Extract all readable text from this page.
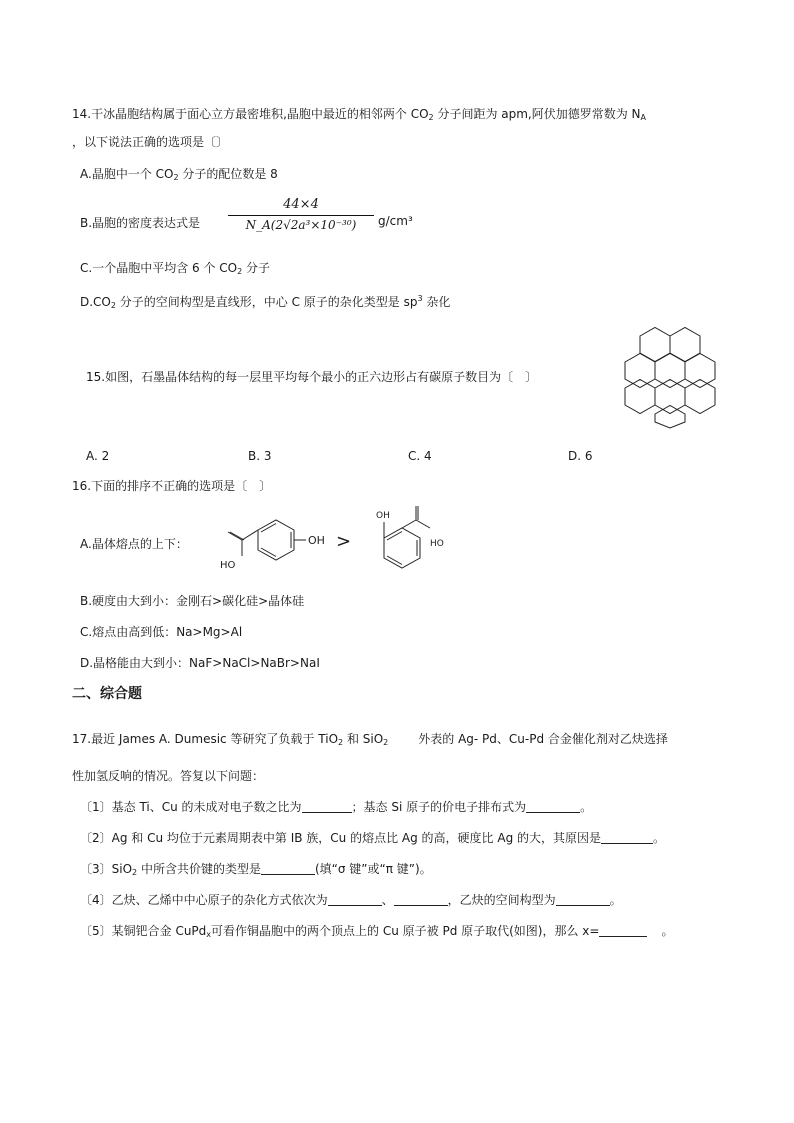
14.干冰晶胞结构属于面心立方最密堆积,晶胞中最近的相邻两个 $CO_2$ 分子间距为 apm,阿伏加德罗常数为 $N_A$
，以下说法正确的选项是〔〕
A.晶胞中一个 $CO_2$ 分子的配位数是 8
B.晶胞的密度表达式是
44×4
N_A(2√2a³×10⁻³⁰)	g/cm³
C.一个晶胞中平均含 6 个 $CO_2$ 分子
$D.CO_2$ 分子的空间构型是直线形，中心 C 原子的杂化类型是 $sp^3$ 杂化
15.如图，石墨晶体结构的每一层里平均每个最小的正六边形占有碳原子数目为〔　〕
A. 2	B. 3	C. 4	D. 6
16.下面的排序不正确的选项是〔　〕
A.晶体熔点的上下：
HO
OH >
OH
HO
B.硬度由大到小：金刚石>碳化硅>晶体硅
C.熔点由高到低：Na>Mg>Al
D.晶格能由大到小：NaF>NaCl>NaBr>NaI
二、综合题
17.最近 James A. Dumesic 等研究了负载于 TiO$_2$ 和 SiO$_2$	外表的 Ag- Pd、Cu-Pd 合金催化剂对乙炔选择
性加氢反响的情况。答复以下问题：
〔1〕基态 Ti、Cu 的未成对电子数之比为	；基态 Si 原子的价电子排布式为	。
〔2〕Ag 和 Cu 均位于元素周期表中第 IB 族，Cu 的熔点比 Ag 的高，硬度比 Ag 的大，其原因是	。
〔3〕SiO$_2$ 中所含共价键的类型是	(填“σ 键”或“π 键”)。
〔4〕乙炔、乙烯中中心原子的杂化方式依次为	、	，乙炔的空间构型为	。
〔5〕某铜钯合金 CuPd$_x$可看作铜晶胞中的两个顶点上的 Cu 原子被 Pd 原子取代(如图)，那么 x=	。
